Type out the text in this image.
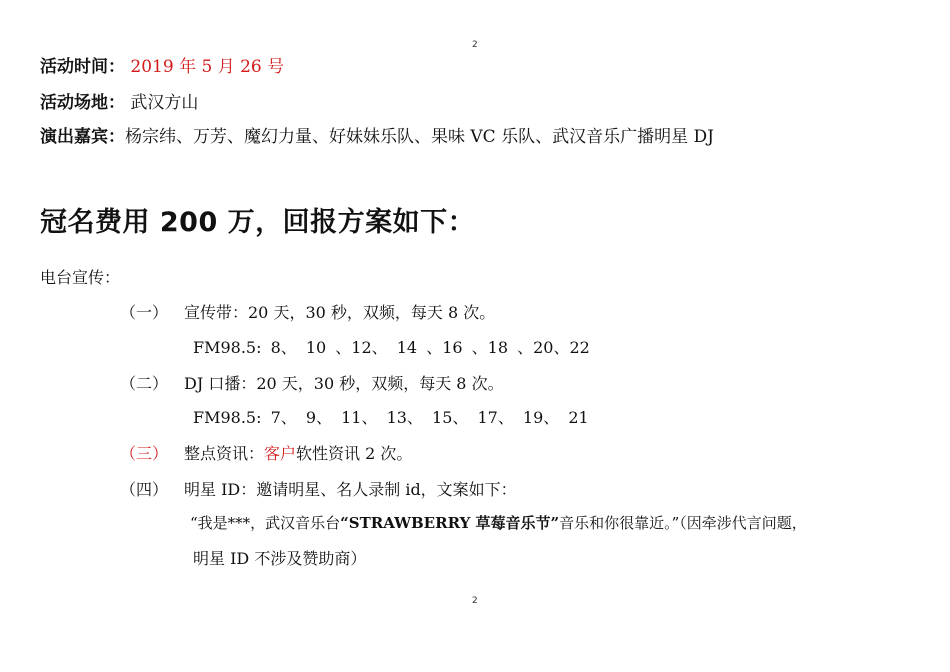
2
活动时间： 2019 年 5 月 26 号
活动场地： 武汉方山
演出嘉宾：杨宗纬、万芳、魔幻力量、好妹妹乐队、果味 VC 乐队、武汉音乐广播明星 DJ
冠名费用 200 万，回报方案如下：
电台宣传：
（一） 宣传带：20 天，30 秒，双频，每天 8 次。
FM98.5: 8、 10 、12、 14 、16 、18 、20、22
（二） DJ 口播：20 天，30 秒，双频，每天 8 次。
FM98.5: 7、 9、 11、 13、 15、 17、 19、 21
（三） 整点资讯：客户软性资讯 2 次。
（四） 明星 ID：邀请明星、名人录制 id，文案如下：
“我是***，武汉音乐台“STRAWBERRY 草莓音乐节”音乐和你很靠近。”（因牵涉代言问题，
明星 ID 不涉及赞助商）
2
